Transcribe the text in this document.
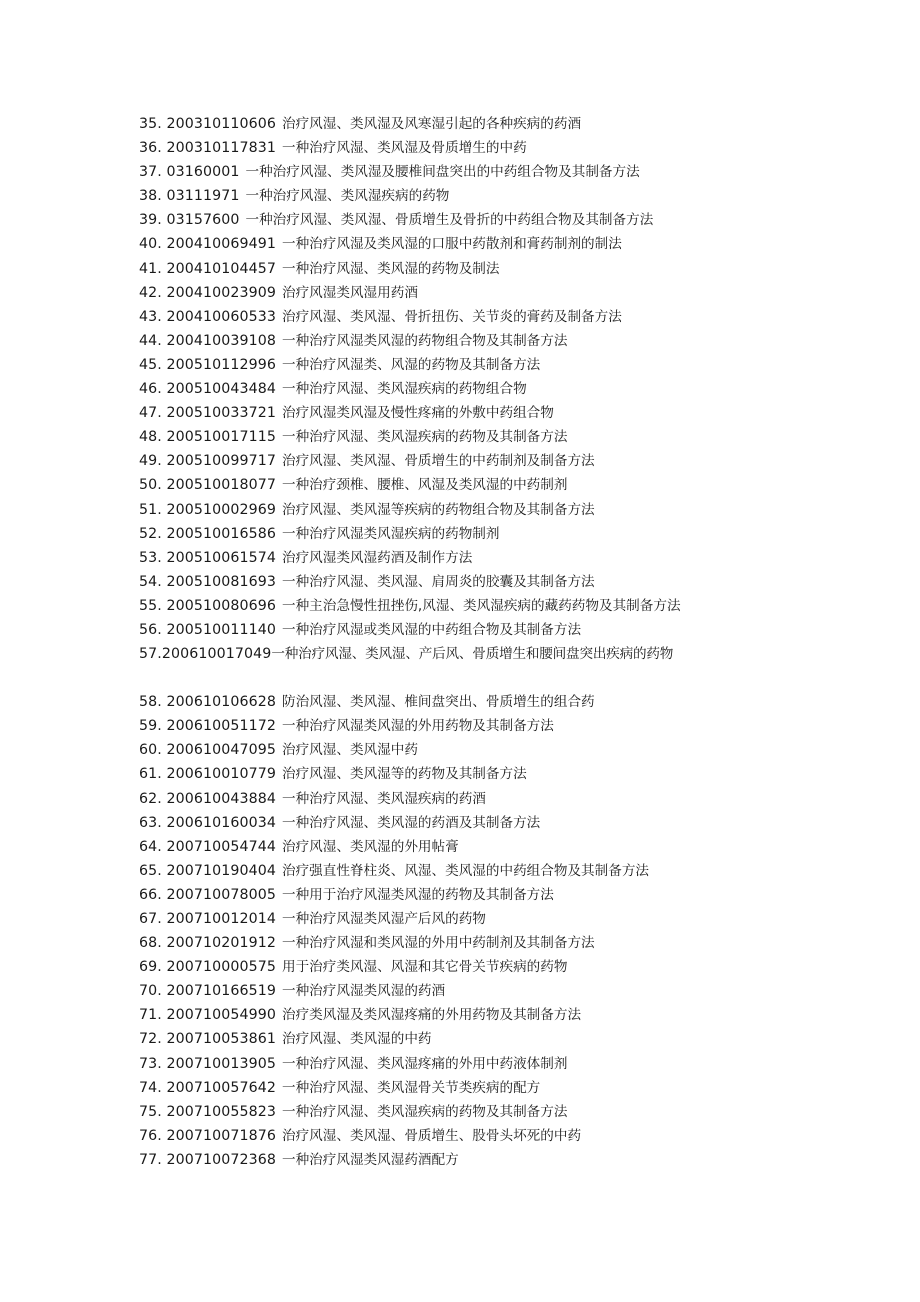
35. 200310110606 治疗风湿、类风湿及风寒湿引起的各种疾病的药酒
36. 200310117831 一种治疗风湿、类风湿及骨质增生的中药
37. 03160001 一种治疗风湿、类风湿及腰椎间盘突出的中药组合物及其制备方法
38. 03111971 一种治疗风湿、类风湿疾病的药物
39. 03157600 一种治疗风湿、类风湿、骨质增生及骨折的中药组合物及其制备方法
40. 200410069491 一种治疗风湿及类风湿的口服中药散剂和膏药制剂的制法
41. 200410104457 一种治疗风湿、类风湿的药物及制法
42. 200410023909 治疗风湿类风湿用药酒
43. 200410060533 治疗风湿、类风湿、骨折扭伤、关节炎的膏药及制备方法
44. 200410039108 一种治疗风湿类风湿的药物组合物及其制备方法
45. 200510112996 一种治疗风湿类、风湿的药物及其制备方法
46. 200510043484 一种治疗风湿、类风湿疾病的药物组合物
47. 200510033721 治疗风湿类风湿及慢性疼痛的外敷中药组合物
48. 200510017115 一种治疗风湿、类风湿疾病的药物及其制备方法
49. 200510099717 治疗风湿、类风湿、骨质增生的中药制剂及制备方法
50. 200510018077 一种治疗颈椎、腰椎、风湿及类风湿的中药制剂
51. 200510002969 治疗风湿、类风湿等疾病的药物组合物及其制备方法
52. 200510016586 一种治疗风湿类风湿疾病的药物制剂
53. 200510061574 治疗风湿类风湿药酒及制作方法
54. 200510081693 一种治疗风湿、类风湿、肩周炎的胶囊及其制备方法
55. 200510080696 一种主治急慢性扭挫伤,风湿、类风湿疾病的藏药药物及其制备方法
56. 200510011140 一种治疗风湿或类风湿的中药组合物及其制备方法
57.200610017049一种治疗风湿、类风湿、产后风、骨质增生和腰间盘突出疾病的药物
58. 200610106628 防治风湿、类风湿、椎间盘突出、骨质增生的组合药
59. 200610051172 一种治疗风湿类风湿的外用药物及其制备方法
60. 200610047095 治疗风湿、类风湿中药
61. 200610010779 治疗风湿、类风湿等的药物及其制备方法
62. 200610043884 一种治疗风湿、类风湿疾病的药酒
63. 200610160034 一种治疗风湿、类风湿的药酒及其制备方法
64. 200710054744 治疗风湿、类风湿的外用帖膏
65. 200710190404 治疗强直性脊柱炎、风湿、类风湿的中药组合物及其制备方法
66. 200710078005 一种用于治疗风湿类风湿的药物及其制备方法
67. 200710012014 一种治疗风湿类风湿产后风的药物
68. 200710201912 一种治疗风湿和类风湿的外用中药制剂及其制备方法
69. 200710000575 用于治疗类风湿、风湿和其它骨关节疾病的药物
70. 200710166519 一种治疗风湿类风湿的药酒
71. 200710054990 治疗类风湿及类风湿疼痛的外用药物及其制备方法
72. 200710053861 治疗风湿、类风湿的中药
73. 200710013905 一种治疗风湿、类风湿疼痛的外用中药液体制剂
74. 200710057642 一种治疗风湿、类风湿骨关节类疾病的配方
75. 200710055823 一种治疗风湿、类风湿疾病的药物及其制备方法
76. 200710071876 治疗风湿、类风湿、骨质增生、股骨头坏死的中药
77. 200710072368 一种治疗风湿类风湿药酒配方
